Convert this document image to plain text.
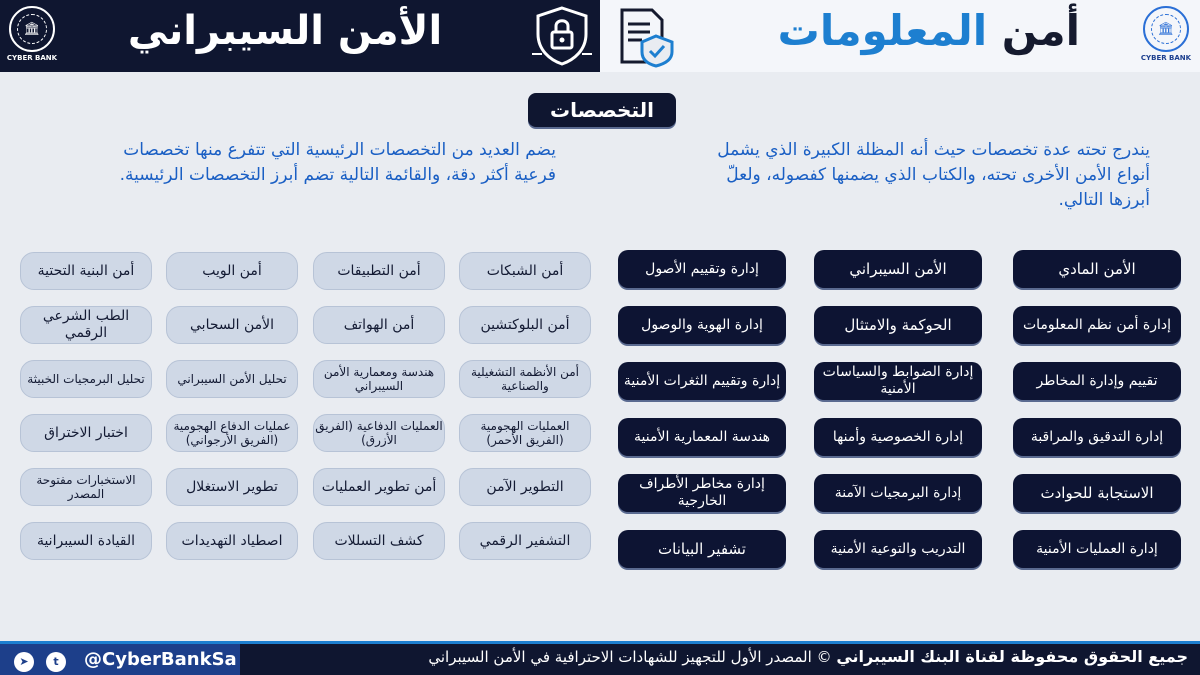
🏛
CYBER BANK
الأمن السيبراني	أمن المعلومات	🏛
CYBER BANK
التخصصات
يضم العديد من التخصصات الرئيسية التي تتفرع منها تخصصات فرعية أكثر دقة، والقائمة التالية تضم أبرز التخصصات الرئيسية.
يندرج تحته عدة تخصصات حيث أنه المظلة الكبيرة الذي يشمل أنواع الأمن الأخرى تحته، والكتاب الذي يضمنها كفصوله، ولعلّ أبرزها التالي.
أمن الشبكات
أمن البلوكتشين
أمن الأنظمة التشغيلية والصناعية
العمليات الهجومية (الفريق الأحمر)
التطوير الآمن
التشفير الرقمي
أمن التطبيقات
أمن الهواتف
هندسة ومعمارية الأمن السيبراني
العمليات الدفاعية (الفريق الأزرق)
أمن تطوير العمليات
كشف التسللات
أمن الويب
الأمن السحابي
تحليل الأمن السيبراني
عمليات الدفاع الهجومية (الفريق الأرجواني)
تطوير الاستغلال
اصطياد التهديدات
أمن البنية التحتية
الطب الشرعي الرقمي
تحليل البرمجيات الخبيثة
اختبار الاختراق
الاستخبارات مفتوحة المصدر
القيادة السيبرانية
الأمن المادي
إدارة أمن نظم المعلومات
تقييم وإدارة المخاطر
إدارة التدقيق والمراقبة
الاستجابة للحوادث
إدارة العمليات الأمنية
الأمن السيبراني
الحوكمة والامتثال
إدارة الضوابط والسياسات الأمنية
إدارة الخصوصية وأمنها
إدارة البرمجيات الآمنة
التدريب والتوعية الأمنية
إدارة وتقييم الأصول
إدارة الهوية والوصول
إدارة وتقييم الثغرات الأمنية
هندسة المعمارية الأمنية
إدارة مخاطر الأطراف الخارجية
تشفير البيانات
➤	t	@CyberBankSa	جميع الحقوق محفوظة لقناة البنك السيبراني © المصدر الأول للتجهيز للشهادات الاحترافية في الأمن السيبراني
